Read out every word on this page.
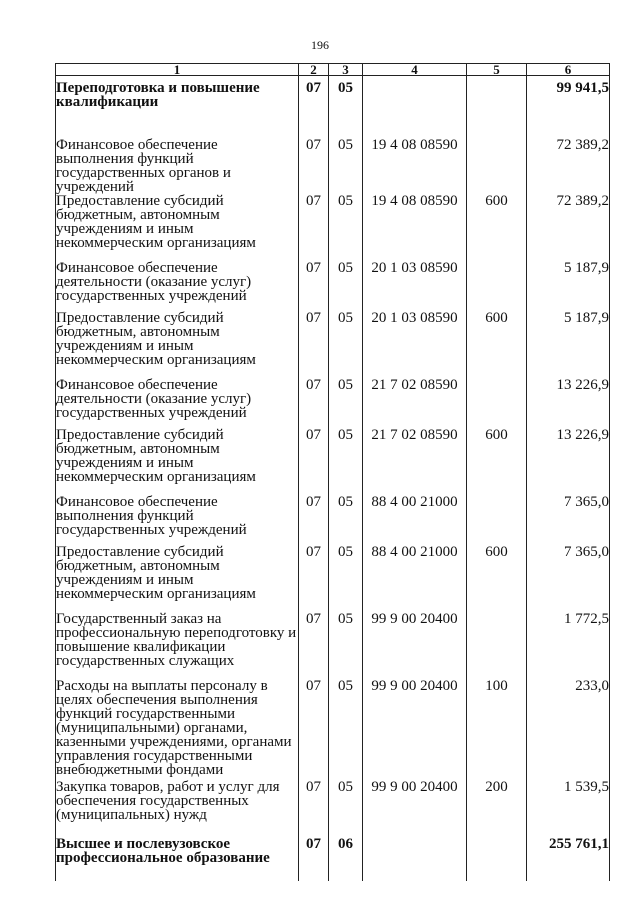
196
1	2	3	4	5	6
Переподготовка и повышение квалификации	07	05			99 941,5
Финансовое обеспечение выполнения функций государственных органов и учреждений	07	05	19 4 08 08590		72 389,2
Предоставление субсидий бюджетным, автономным учреждениям и иным некоммерческим организациям	07	05	19 4 08 08590	600	72 389,2
Финансовое обеспечение деятельности (оказание услуг) государственных учреждений	07	05	20 1 03 08590		5 187,9
Предоставление субсидий бюджетным, автономным учреждениям и иным некоммерческим организациям	07	05	20 1 03 08590	600	5 187,9
Финансовое обеспечение деятельности (оказание услуг) государственных учреждений	07	05	21 7 02 08590		13 226,9
Предоставление субсидий бюджетным, автономным учреждениям и иным некоммерческим организациям	07	05	21 7 02 08590	600	13 226,9
Финансовое обеспечение выполнения функций государственных учреждений	07	05	88 4 00 21000		7 365,0
Предоставление субсидий бюджетным, автономным учреждениям и иным некоммерческим организациям	07	05	88 4 00 21000	600	7 365,0
Государственный заказ на профессиональную переподготовку и повышение квалификации государственных служащих	07	05	99 9 00 20400		1 772,5
Расходы на выплаты персоналу в целях обеспечения выполнения функций государственными (муниципальными) органами, казенными учреждениями, органами управления государственными внебюджетными фондами	07	05	99 9 00 20400	100	233,0
Закупка товаров, работ и услуг для обеспечения государственных (муниципальных) нужд	07	05	99 9 00 20400	200	1 539,5
Высшее и послевузовское профессиональное образование	07	06			255 761,1
